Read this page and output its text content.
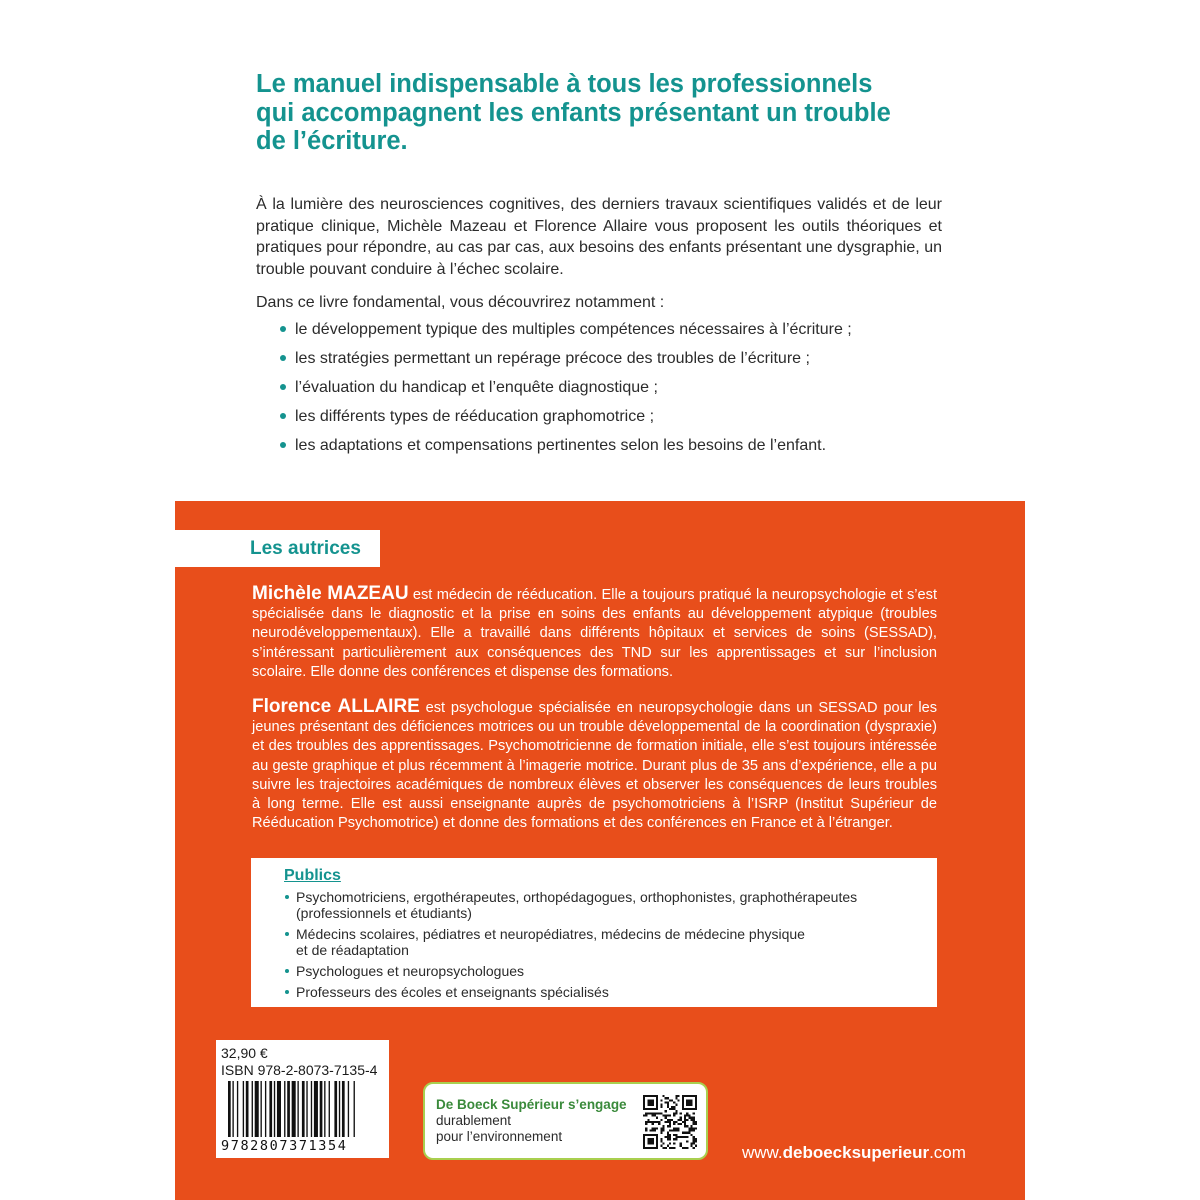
Le manuel indispensable à tous les professionnels
qui accompagnent les enfants présentant un trouble
de l’écriture.

À la lumière des neurosciences cognitives, des derniers travaux scientifiques validés et de leur pratique clinique, Michèle Mazeau et Florence Allaire vous proposent les outils théoriques et pratiques pour répondre, au cas par cas, aux besoins des enfants présentant une dysgraphie, un trouble pouvant conduire à l’échec scolaire.

Dans ce livre fondamental, vous découvrirez notamment :

le développement typique des multiples compétences nécessaires à l’écriture ;
les stratégies permettant un repérage précoce des troubles de l’écriture ;
l’évaluation du handicap et l’enquête diagnostique ;
les différents types de rééducation graphomotrice ;
les adaptations et compensations pertinentes selon les besoins de l’enfant.
Les autrices

Michèle MAZEAU est médecin de rééducation. Elle a toujours pratiqué la neuropsychologie et s’est spécialisée dans le diagnostic et la prise en soins des enfants au développement atypique (troubles neurodéveloppementaux). Elle a travaillé dans différents hôpitaux et services de soins (SESSAD), s’intéressant particulièrement aux conséquences des TND sur les apprentissages et sur l’inclusion scolaire. Elle donne des conférences et dispense des formations.

Florence ALLAIRE est psychologue spécialisée en neuropsychologie dans un SESSAD pour les jeunes présentant des déficiences motrices ou un trouble développemental de la coordination (dyspraxie) et des troubles des apprentissages. Psychomotricienne de formation initiale, elle s’est toujours intéressée au geste graphique et plus récemment à l’imagerie motrice. Durant plus de 35 ans d’expérience, elle a pu suivre les trajectoires académiques de nombreux élèves et observer les conséquences de leurs troubles à long terme. Elle est aussi enseignante auprès de psychomotriciens à l’ISRP (Institut Supérieur de Rééducation Psychomotrice) et donne des formations et des conférences en France et à l’étranger.

Publics
Psychomotriciens, ergothérapeutes, orthopédagogues, orthophonistes, graphothérapeutes
(professionnels et étudiants)
Médecins scolaires, pédiatres et neuropédiatres, médecins de médecine physique
et de réadaptation
Psychologues et neuropsychologues
Professeurs des écoles et enseignants spécialisés
32,90 €
ISBN 978-2-8073-7135-4
9782807371354
De Boeck Supérieur s’engage
durablement
pour l’environnement
www.deboecksuperieur.com
